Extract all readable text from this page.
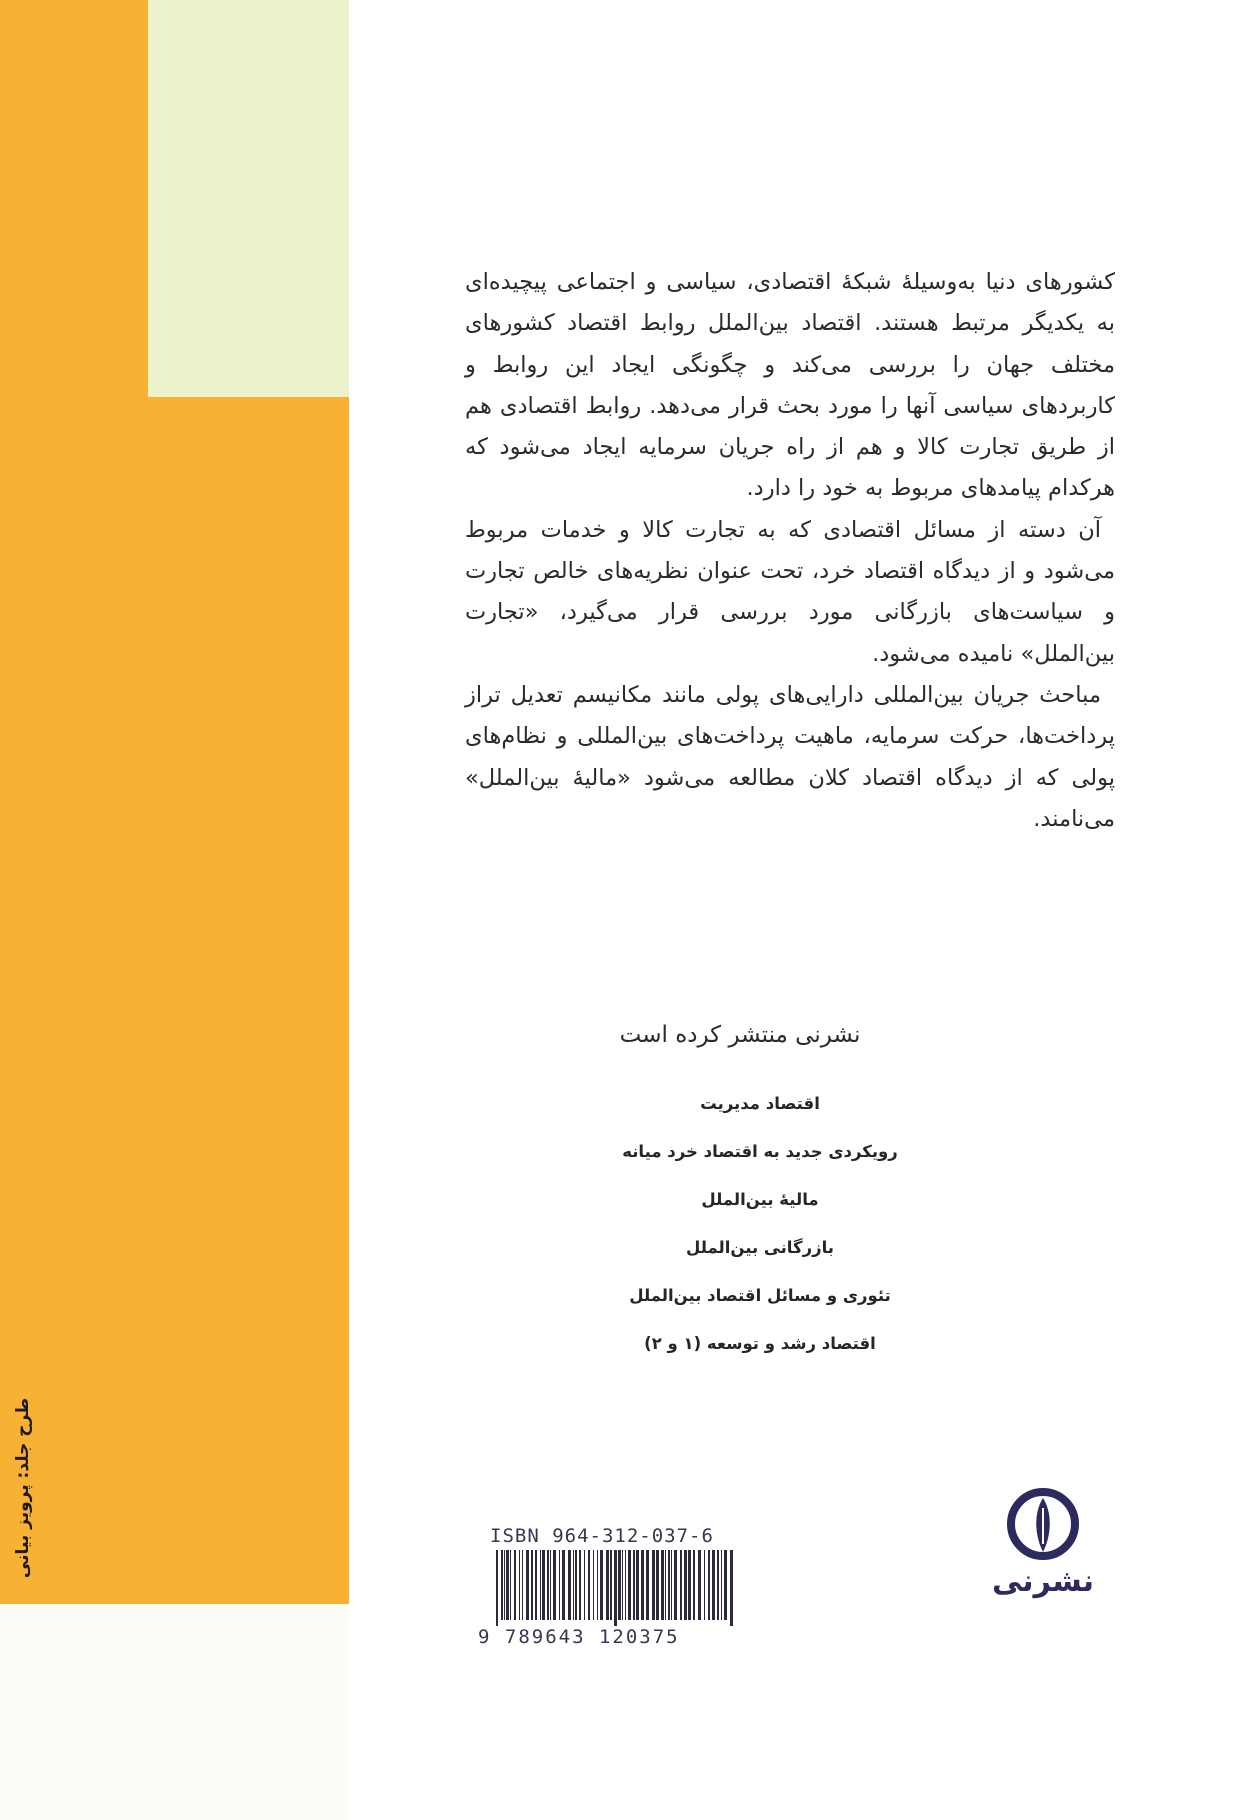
طرح جلد: پرویز بیانی

کشورهای دنیا به‌وسیلهٔ شبکهٔ اقتصادی، سیاسی و اجتماعی پیچیده‌ای به یکدیگر مرتبط هستند. اقتصاد بین‌الملل روابط اقتصاد کشورهای مختلف جهان را بررسی می‌کند و چگونگی ایجاد این روابط و کاربردهای سیاسی آنها را مورد بحث قرار می‌دهد. روابط اقتصادی هم از طریق تجارت کالا و هم از راه جریان سرمایه ایجاد می‌شود که هرکدام پیامدهای مربوط به خود را دارد.

آن دسته از مسائل اقتصادی که به تجارت کالا و خدمات مربوط می‌شود و از دیدگاه اقتصاد خرد، تحت عنوان نظریه‌های خالص تجارت و سیاست‌های بازرگانی مورد بررسی قرار می‌گیرد، «تجارت بین‌الملل» نامیده می‌شود.

مباحث جریان بین‌المللی دارایی‌های پولی مانند مکانیسم تعدیل تراز پرداخت‌ها، حرکت سرمایه، ماهیت پرداخت‌های بین‌المللی و نظام‌های پولی که از دیدگاه اقتصاد کلان مطالعه می‌شود «مالیهٔ بین‌الملل» می‌نامند.

نشرنی منتشر کرده است
اقتصاد مدیریت
رویکردی جدید به اقتصاد خرد میانه
مالیهٔ بین‌الملل
بازرگانی بین‌الملل
تئوری و مسائل اقتصاد بین‌الملل
اقتصاد رشد و توسعه (۱ و ۲)
نشرنی
ISBN 964-312-037-6
9 789643 120375
